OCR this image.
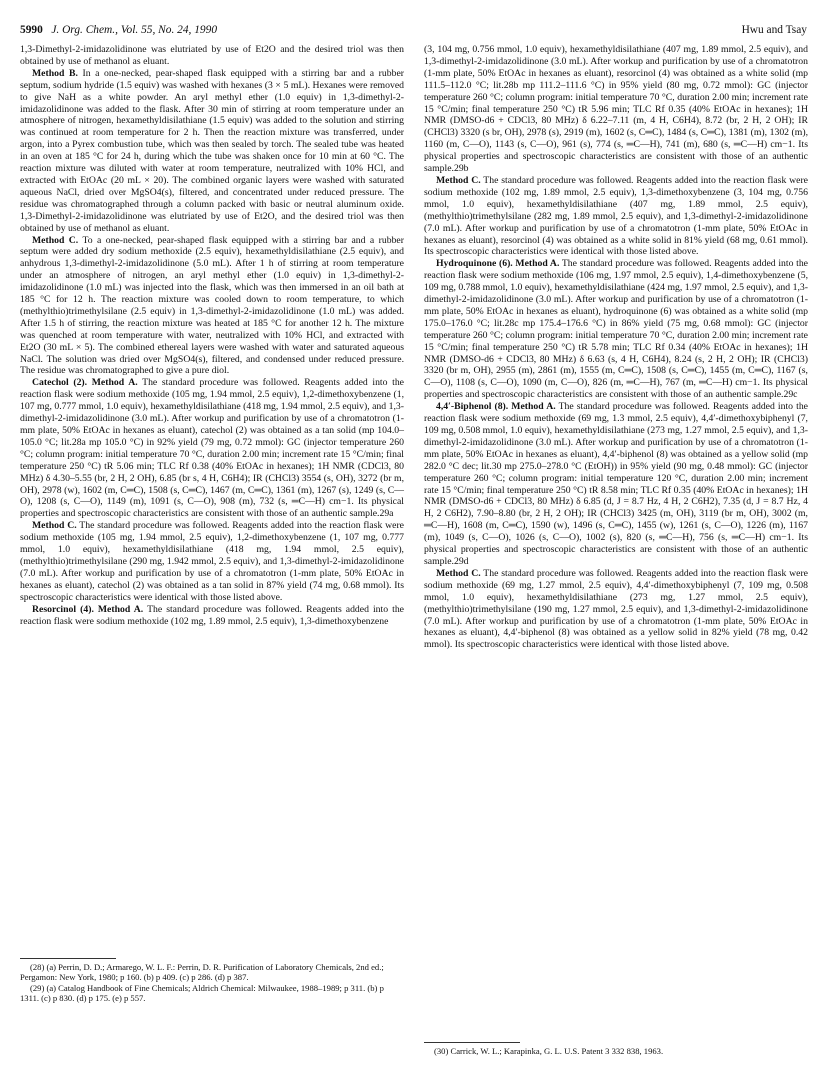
5990 J. Org. Chem., Vol. 55, No. 24, 1990	Hwu and Tsay

1,3-Dimethyl-2-imidazolidinone was elutriated by use of Et2O and the desired triol was then obtained by use of methanol as eluant.

Method B. In a one-necked, pear-shaped flask equipped with a stirring bar and a rubber septum, sodium hydride (1.5 equiv) was washed with hexanes (3 × 5 mL). Hexanes were removed to give NaH as a white powder. An aryl methyl ether (1.0 equiv) in 1,3-dimethyl-2-imidazolidinone was added to the flask. After 30 min of stirring at room temperature under an atmosphere of nitrogen, hexamethyldisilathiane (1.5 equiv) was added to the solution and stirring was continued at room temperature for 2 h. Then the reaction mixture was transferred, under argon, into a Pyrex combustion tube, which was then sealed by torch. The sealed tube was heated in an oven at 185 °C for 24 h, during which the tube was shaken once for 10 min at 60 °C. The reaction mixture was diluted with water at room temperature, neutralized with 10% HCl, and extracted with EtOAc (20 mL × 20). The combined organic layers were washed with saturated aqueous NaCl, dried over MgSO4(s), filtered, and concentrated under reduced pressure. The residue was chromatographed through a column packed with basic or neutral aluminum oxide. 1,3-Dimethyl-2-imidazolidinone was elutriated by use of Et2O, and the desired triol was then obtained by use of methanol as eluant.

Method C. To a one-necked, pear-shaped flask equipped with a stirring bar and a rubber septum were added dry sodium methoxide (2.5 equiv), hexamethyldisilathiane (2.5 equiv), and anhydrous 1,3-dimethyl-2-imidazolidinone (5.0 mL). After 1 h of stirring at room temperature under an atmosphere of nitrogen, an aryl methyl ether (1.0 equiv) in 1,3-dimethyl-2-imidazolidinone (1.0 mL) was injected into the flask, which was then immersed in an oil bath at 185 °C for 12 h. The reaction mixture was cooled down to room temperature, to which (methylthio)trimethylsilane (2.5 equiv) in 1,3-dimethyl-2-imidazolidinone (1.0 mL) was added. After 1.5 h of stirring, the reaction mixture was heated at 185 °C for another 12 h. The mixture was quenched at room temperature with water, neutralized with 10% HCl, and extracted with Et2O (30 mL × 5). The combined ethereal layers were washed with water and saturated aqueous NaCl. The solution was dried over MgSO4(s), filtered, and condensed under reduced pressure. The residue was chromatographed to give a pure diol.

Catechol (2). Method A. The standard procedure was followed. Reagents added into the reaction flask were sodium methoxide (105 mg, 1.94 mmol, 2.5 equiv), 1,2-dimethoxybenzene (1, 107 mg, 0.777 mmol, 1.0 equiv), hexamethyldisilathiane (418 mg, 1.94 mmol, 2.5 equiv), and 1,3-dimethyl-2-imidazolidinone (3.0 mL). After workup and purification by use of a chromatotron (1-mm plate, 50% EtOAc in hexanes as eluant), catechol (2) was obtained as a tan solid (mp 104.0–105.0 °C; lit.28a mp 105.0 °C) in 92% yield (79 mg, 0.72 mmol): GC (injector temperature 260 °C; column program: initial temperature 70 °C, duration 2.00 min; increment rate 15 °C/min; final temperature 250 °C) tR 5.06 min; TLC Rf 0.38 (40% EtOAc in hexanes); 1H NMR (CDCl3, 80 MHz) δ 4.30–5.55 (br, 2 H, 2 OH), 6.85 (br s, 4 H, C6H4); IR (CHCl3) 3554 (s, OH), 3272 (br m, OH), 2978 (w), 1602 (m, C═C), 1508 (s, C═C), 1467 (m, C═C), 1361 (m), 1267 (s), 1249 (s, C—O), 1208 (s, C—O), 1149 (m), 1091 (s, C—O), 908 (m), 732 (s, ═C—H) cm−1. Its physical properties and spectroscopic characteristics are consistent with those of an authentic sample.29a

Method C. The standard procedure was followed. Reagents added into the reaction flask were sodium methoxide (105 mg, 1.94 mmol, 2.5 equiv), 1,2-dimethoxybenzene (1, 107 mg, 0.777 mmol, 1.0 equiv), hexamethyldisilathiane (418 mg, 1.94 mmol, 2.5 equiv), (methylthio)trimethylsilane (290 mg, 1.942 mmol, 2.5 equiv), and 1,3-dimethyl-2-imidazolidinone (7.0 mL). After workup and purification by use of a chromatotron (1-mm plate, 50% EtOAc in hexanes as eluant), catechol (2) was obtained as a tan solid in 87% yield (74 mg, 0.68 mmol). Its spectroscopic characteristics were identical with those listed above.

Resorcinol (4). Method A. The standard procedure was followed. Reagents added into the reaction flask were sodium methoxide (102 mg, 1.89 mmol, 2.5 equiv), 1,3-dimethoxybenzene

(28) (a) Perrin, D. D.; Armarego, W. L. F.: Perrin, D. R. Purification of Laboratory Chemicals, 2nd ed.; Pergamon: New York, 1980; p 160. (b) p 409. (c) p 286. (d) p 387.

(29) (a) Catalog Handbook of Fine Chemicals; Aldrich Chemical: Milwaukee, 1988–1989; p 311. (b) p 1311. (c) p 830. (d) p 175. (e) p 557.

(3, 104 mg, 0.756 mmol, 1.0 equiv), hexamethyldisilathiane (407 mg, 1.89 mmol, 2.5 equiv), and 1,3-dimethyl-2-imidazolidinone (3.0 mL). After workup and purification by use of a chromatotron (1-mm plate, 50% EtOAc in hexanes as eluant), resorcinol (4) was obtained as a white solid (mp 111.5–112.0 °C; lit.28b mp 111.2–111.6 °C) in 95% yield (80 mg, 0.72 mmol): GC (injector temperature 260 °C; column program: initial temperature 70 °C, duration 2.00 min; increment rate 15 °C/min; final temperature 250 °C) tR 5.96 min; TLC Rf 0.35 (40% EtOAc in hexanes); 1H NMR (DMSO-d6 + CDCl3, 80 MHz) δ 6.22–7.11 (m, 4 H, C6H4), 8.72 (br, 2 H, 2 OH); IR (CHCl3) 3320 (s br, OH), 2978 (s), 2919 (m), 1602 (s, C═C), 1484 (s, C═C), 1381 (m), 1302 (m), 1160 (m, C—O), 1143 (s, C—O), 961 (s), 774 (s, ═C—H), 741 (m), 680 (s, ═C—H) cm−1. Its physical properties and spectroscopic characteristics are consistent with those of an authentic sample.29b

Method C. The standard procedure was followed. Reagents added into the reaction flask were sodium methoxide (102 mg, 1.89 mmol, 2.5 equiv), 1,3-dimethoxybenzene (3, 104 mg, 0.756 mmol, 1.0 equiv), hexamethyldisilathiane (407 mg, 1.89 mmol, 2.5 equiv), (methylthio)trimethylsilane (282 mg, 1.89 mmol, 2.5 equiv), and 1,3-dimethyl-2-imidazolidinone (7.0 mL). After workup and purification by use of a chromatotron (1-mm plate, 50% EtOAc in hexanes as eluant), resorcinol (4) was obtained as a white solid in 81% yield (68 mg, 0.61 mmol). Its spectroscopic characteristics were identical with those listed above.

Hydroquinone (6). Method A. The standard procedure was followed. Reagents added into the reaction flask were sodium methoxide (106 mg, 1.97 mmol, 2.5 equiv), 1,4-dimethoxybenzene (5, 109 mg, 0.788 mmol, 1.0 equiv), hexamethyldisilathiane (424 mg, 1.97 mmol, 2.5 equiv), and 1,3-dimethyl-2-imidazolidinone (3.0 mL). After workup and purification by use of a chromatotron (1-mm plate, 50% EtOAc in hexanes as eluant), hydroquinone (6) was obtained as a white solid (mp 175.0–176.0 °C; lit.28c mp 175.4–176.6 °C) in 86% yield (75 mg, 0.68 mmol): GC (injector temperature 260 °C; column program: initial temperature 70 °C, duration 2.00 min; increment rate 15 °C/min; final temperature 250 °C) tR 5.78 min; TLC Rf 0.34 (40% EtOAc in hexanes); 1H NMR (DMSO-d6 + CDCl3, 80 MHz) δ 6.63 (s, 4 H, C6H4), 8.24 (s, 2 H, 2 OH); IR (CHCl3) 3320 (br m, OH), 2955 (m), 2861 (m), 1555 (m, C═C), 1508 (s, C═C), 1455 (m, C═C), 1167 (s, C—O), 1108 (s, C—O), 1090 (m, C—O), 826 (m, ═C—H), 767 (m, ═C—H) cm−1. Its physical properties and spectroscopic characteristics are consistent with those of an authentic sample.29c

4,4′-Biphenol (8). Method A. The standard procedure was followed. Reagents added into the reaction flask were sodium methoxide (69 mg, 1.3 mmol, 2.5 equiv), 4,4′-dimethoxybiphenyl (7, 109 mg, 0.508 mmol, 1.0 equiv), hexamethyldisilathiane (273 mg, 1.27 mmol, 2.5 equiv), and 1,3-dimethyl-2-imidazolidinone (3.0 mL). After workup and purification by use of a chromatotron (1-mm plate, 50% EtOAc in hexanes as eluant), 4,4′-biphenol (8) was obtained as a yellow solid (mp 282.0 °C dec; lit.30 mp 275.0–278.0 °C (EtOH)) in 95% yield (90 mg, 0.48 mmol): GC (injector temperature 260 °C; column program: initial temperature 120 °C, duration 2.00 min; increment rate 15 °C/min; final temperature 250 °C) tR 8.58 min; TLC Rf 0.35 (40% EtOAc in hexanes); 1H NMR (DMSO-d6 + CDCl3, 80 MHz) δ 6.85 (d, J = 8.7 Hz, 4 H, 2 C6H2), 7.35 (d, J = 8.7 Hz, 4 H, 2 C6H2), 7.90–8.80 (br, 2 H, 2 OH); IR (CHCl3) 3425 (m, OH), 3119 (br m, OH), 3002 (m, ═C—H), 1608 (m, C═C), 1590 (w), 1496 (s, C═C), 1455 (w), 1261 (s, C—O), 1226 (m), 1167 (m), 1049 (s, C—O), 1026 (s, C—O), 1002 (s), 820 (s, ═C—H), 756 (s, ═C—H) cm−1. Its physical properties and spectroscopic characteristics are consistent with those of an authentic sample.29d

Method C. The standard procedure was followed. Reagents added into the reaction flask were sodium methoxide (69 mg, 1.27 mmol, 2.5 equiv), 4,4′-dimethoxybiphenyl (7, 109 mg, 0.508 mmol, 1.0 equiv), hexamethyldisilathiane (273 mg, 1.27 mmol, 2.5 equiv), (methylthio)trimethylsilane (190 mg, 1.27 mmol, 2.5 equiv), and 1,3-dimethyl-2-imidazolidinone (7.0 mL). After workup and purification by use of a chromatotron (1-mm plate, 50% EtOAc in hexanes as eluant), 4,4′-biphenol (8) was obtained as a yellow solid in 82% yield (78 mg, 0.42 mmol). Its spectroscopic characteristics were identical with those listed above.

(30) Carrick, W. L.; Karapinka, G. L. U.S. Patent 3 332 838, 1963.
